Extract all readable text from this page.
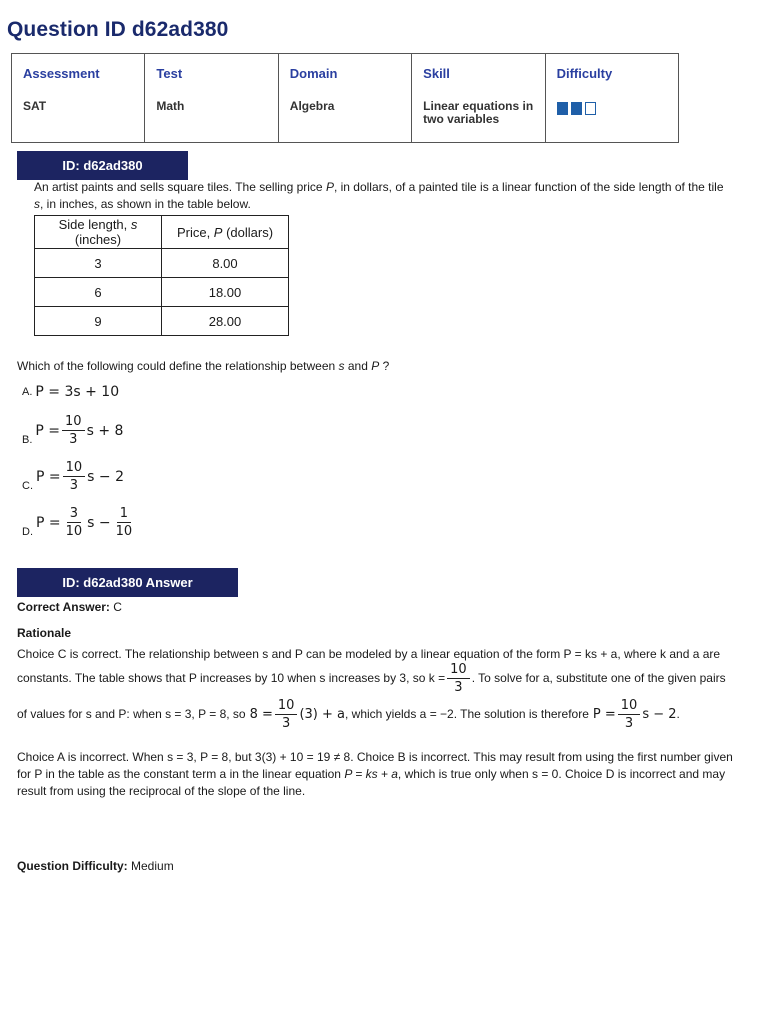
Question ID d62ad380
Assessment
SAT

Test
Math

Domain
Algebra

Skill
Linear equations in two variables

Difficulty
ID: d62ad380
An artist paints and sells square tiles. The selling price P, in dollars, of a painted tile is a linear function of the side length of the tile
s, in inches, as shown in the table below.
Side length, s (inches)	Price, P (dollars)
3	8.00
6	18.00
9	28.00
Which of the following could define the relationship between s and P ?
A. P = 3s + 10
B.
$P = \frac{10}{3}$ s + 8
C.
$P = \frac{10}{3}$ s − 2
D.
$P = \frac{3}{10}$ $s - \frac{1}{10}$
ID: d62ad380 Answer
Correct Answer: C
Rationale
Choice C is correct. The relationship between s and P can be modeled by a linear equation of the form P = ks + a, where k and a are
constants. The table shows that P increases by 10 when s increases by 3, so $k = \frac{10}{3}$ . To solve for a, substitute one of the given pairs
of values for s and P: when s = 3, P = 8, so $8 = \frac{10}{3} (3) + a$ , which yields a = −2. The solution is therefore $P = \frac{10}{3}$ s − 2 .
Choice A is incorrect. When s = 3, P = 8, but 3(3) + 10 = 19 ≠ 8. Choice B is incorrect. This may result from using the first number given
for P in the table as the constant term a in the linear equation P = ks + a, which is true only when s = 0. Choice D is incorrect and may
result from using the reciprocal of the slope of the line.
Question Difficulty: Medium
